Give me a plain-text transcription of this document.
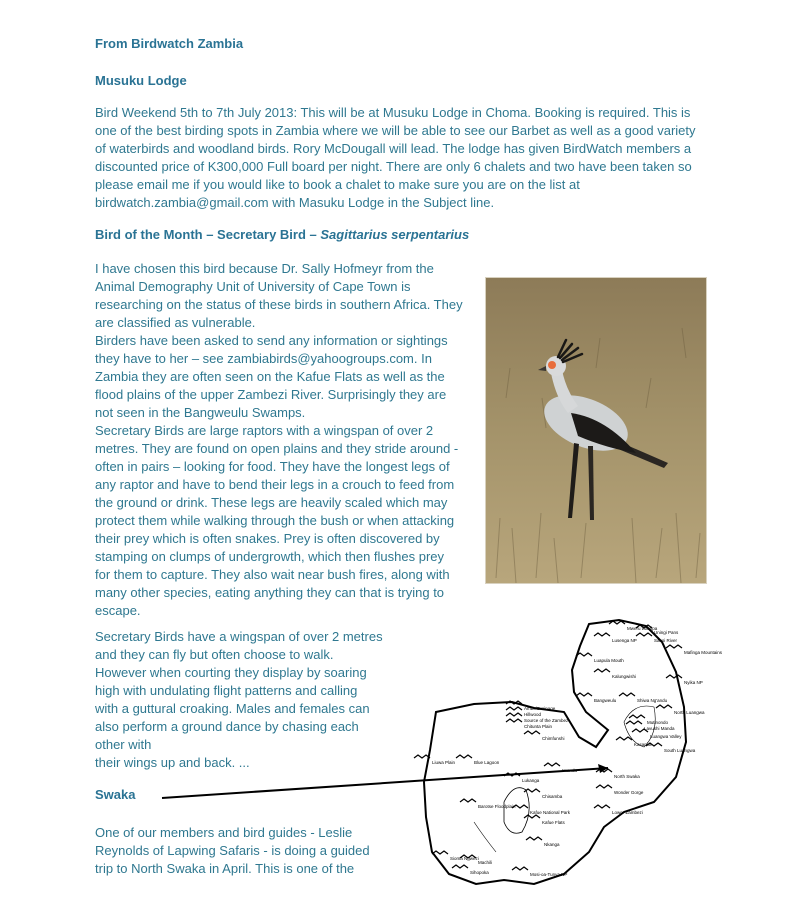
From Birdwatch Zambia

Musuku Lodge

Bird Weekend 5th to 7th July 2013: This will be at Musuku Lodge in Choma. Booking is required. This is
one of the best birding spots in Zambia where we will be able to see our Barbet as well as a good variety
of waterbirds and woodland birds. Rory McDougall will lead. The lodge has given BirdWatch members a
discounted price of K300,000 Full board per night. There are only 6 chalets and two have been taken so
please email me if you would like to book a chalet to make sure you are on the list at
birdwatch.zambia@gmail.com with Masuku Lodge in the Subject line.

Bird of the Month – Secretary Bird – Sagittarius serpentarius

I have chosen this bird because Dr. Sally Hofmeyr from the
Animal Demography Unit of University of Cape Town is
researching on the status of these birds in southern Africa. They
are classified as vulnerable.
Birders have been asked to send any information or sightings
they have to her – see zambiabirds@yahoogroups.com. In
Zambia they are often seen on the Kafue Flats as well as the
flood plains of the upper Zambezi River. Surprisingly they are
not seen in the Bangweulu Swamps.
Secretary Birds are large raptors with a wingspan of over 2
metres. They are found on open plains and they stride around -
often in pairs – looking for food. They have the longest legs of
any raptor and have to bend their legs in a crouch to feed from
the ground or drink. These legs are heavily scaled which may
protect them while walking through the bush or when attacking
their prey which is often snakes. Prey is often discovered by
stamping on clumps of undergrowth, which then flushes prey
for them to capture. They also wait near bush fires, along with
many other species, eating anything they can that is trying to
escape.
Secretary Birds have a wingspan of over 2 metres
and they can fly but often choose to walk.
However when courting they display by soaring
high with undulating flight patterns and calling
with a guttural croaking. Males and females can
also perform a ground dance by chasing each
other with
their wings up and back. ...

Swaka

One of our members and bird guides - Leslie
Reynolds of Lapwing Safaris - is doing a guided
trip to North Swaka in April. This is one of the
Mweru wantipa
Lusenga NP
Uningi Pans
Sansi River
Luapula Mouth
Kalungwishi
Bangweulu	Shiwa Ng'andu
Mafinga Mountains
Nyika NP
Ambe/Drainage
Hillwood
Source of the Zambezi
Chitunta Plain
Chimfunshi
Mutinondo
North Luangwa
Lavushi Manda
Luangwa Valley
South Luangwa
Kasanka
Liuwa Plain	Blue Lagoon
North Swaka
Lukanga
Wonder Gorge
Chisamba
Kafue National Park	Lower Zambezi
Barotse Floodplain
Kafue Flats
Sioma Ngwezi
Machili
Nkanga
Mosi-oa-Tunya NP
Sihopoka
